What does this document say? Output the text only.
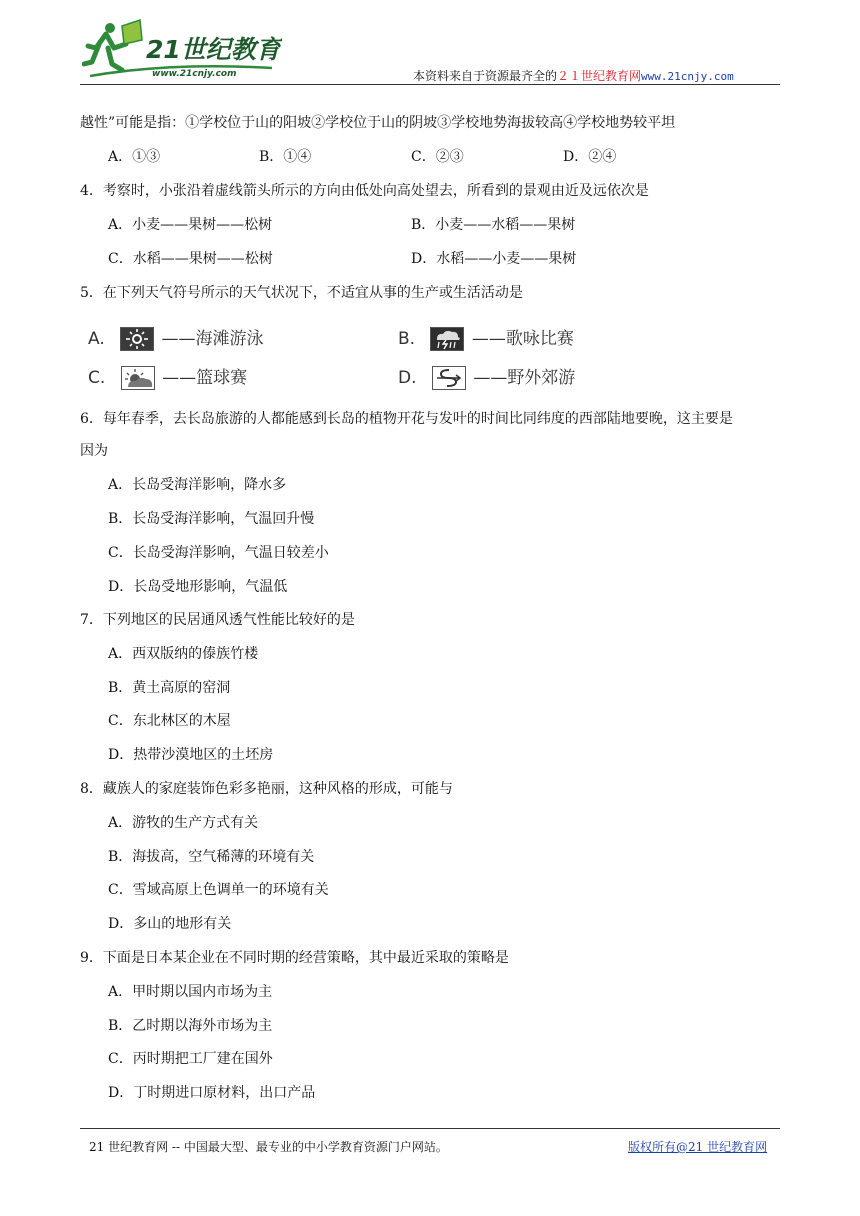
21世纪教育
www.21cnjy.com	本资料来自于资源最齐全的２１世纪教育网www.21cnjy.com
越性”可能是指：①学校位于山的阳坡②学校位于山的阴坡③学校地势海拔较高④学校地势较平坦
A．①③	B．①④	C．②③	D．②④
4．考察时，小张沿着虚线箭头所示的方向由低处向高处望去，所看到的景观由近及远依次是
A．小麦——果树——松树	B．小麦——水稻——果树
C．水稻——果树——松树	D．水稻——小麦——果树
5．在下列天气符号所示的天气状况下，不适宜从事的生产或生活活动是
A.	——海滩游泳	B.	——歌咏比赛
C.	——篮球赛	D.	——野外郊游
6．每年春季，去长岛旅游的人都能感到长岛的植物开花与发叶的时间比同纬度的西部陆地要晚，这主要是
因为
A．长岛受海洋影响，降水多
B．长岛受海洋影响，气温回升慢
C．长岛受海洋影响，气温日较差小
D．长岛受地形影响，气温低
7．下列地区的民居通风透气性能比较好的是
A．西双版纳的傣族竹楼
B．黄土高原的窑洞
C．东北林区的木屋
D．热带沙漠地区的土坯房
8．藏族人的家庭装饰色彩多艳丽，这种风格的形成，可能与
A．游牧的生产方式有关
B．海拔高，空气稀薄的环境有关
C．雪域高原上色调单一的环境有关
D．多山的地形有关
9．下面是日本某企业在不同时期的经营策略，其中最近采取的策略是
A．甲时期以国内市场为主
B．乙时期以海外市场为主
C．丙时期把工厂建在国外
D．丁时期进口原材料，出口产品
21 世纪教育网 -- 中国最大型、最专业的中小学教育资源门户网站。	版权所有@21 世纪教育网
